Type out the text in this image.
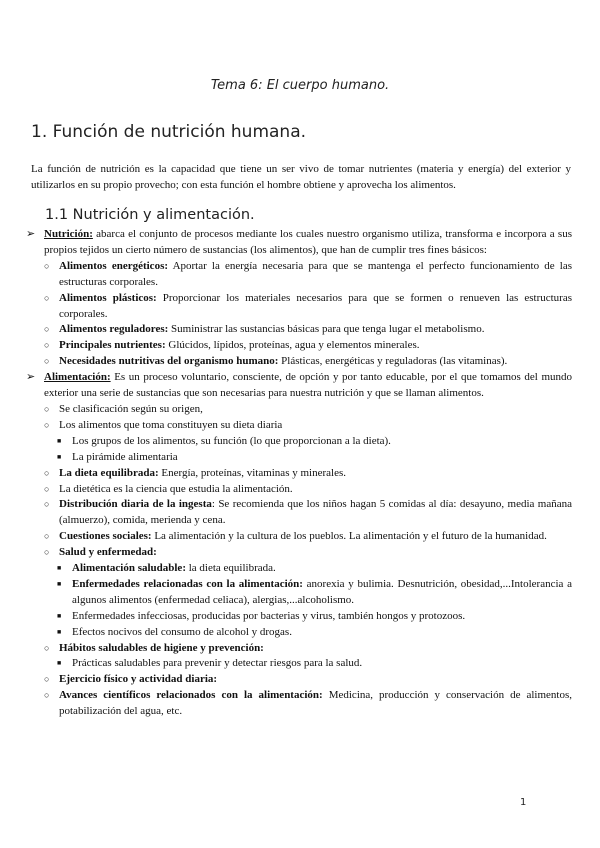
Tema 6: El cuerpo humano.
1. Función de nutrición humana.
La función de nutrición es la capacidad que tiene un ser vivo de tomar nutrientes (materia y energía) del exterior y utilizarlos en su propio provecho; con esta función el hombre obtiene y aprovecha los alimentos.
1.1 Nutrición y alimentación.
➢ Nutrición: abarca el conjunto de procesos mediante los cuales nuestro organismo utiliza, transforma e incorpora a sus propios tejidos un cierto número de sustancias (los alimentos), que han de cumplir tres fines básicos:
○ Alimentos energéticos: Aportar la energía necesaria para que se mantenga el perfecto funcionamiento de las estructuras corporales.
○ Alimentos plásticos: Proporcionar los materiales necesarios para que se formen o renueven las estructuras corporales.
○ Alimentos reguladores: Suministrar las sustancias básicas para que tenga lugar el metabolismo.
○ Principales nutrientes: Glúcidos, lípidos, proteínas, agua y elementos minerales.
○ Necesidades nutritivas del organismo humano: Plásticas, energéticas y reguladoras (las vitaminas).
➢ Alimentación: Es un proceso voluntario, consciente, de opción y por tanto educable, por el que tomamos del mundo exterior una serie de sustancias que son necesarias para nuestra nutrición y que se llaman alimentos.
○ Se clasificación según su origen,
○ Los alimentos que toma constituyen su dieta diaria
■ Los grupos de los alimentos, su función (lo que proporcionan a la dieta).
■ La pirámide alimentaria
○ La dieta equilibrada: Energía, proteínas, vitaminas y minerales.
○ La dietética es la ciencia que estudia la alimentación.
○ Distribución diaria de la ingesta: Se recomienda que los niños hagan 5 comidas al día: desayuno, media mañana (almuerzo), comida, merienda y cena.
○ Cuestiones sociales: La alimentación y la cultura de los pueblos. La alimentación y el futuro de la humanidad.
○ Salud y enfermedad:
■ Alimentación saludable: la dieta equilibrada.
■ Enfermedades relacionadas con la alimentación: anorexia y bulimia. Desnutrición, obesidad,...Intolerancia a algunos alimentos (enfermedad celiaca), alergias,...alcoholismo.
■ Enfermedades infecciosas, producidas por bacterias y virus, también hongos y protozoos.
■ Efectos nocivos del consumo de alcohol y drogas.
○ Hábitos saludables de higiene y prevención:
■ Prácticas saludables para prevenir y detectar riesgos para la salud.
○ Ejercicio físico y actividad diaria:
○ Avances científicos relacionados con la alimentación: Medicina, producción y conservación de alimentos, potabilización del agua, etc.
1
